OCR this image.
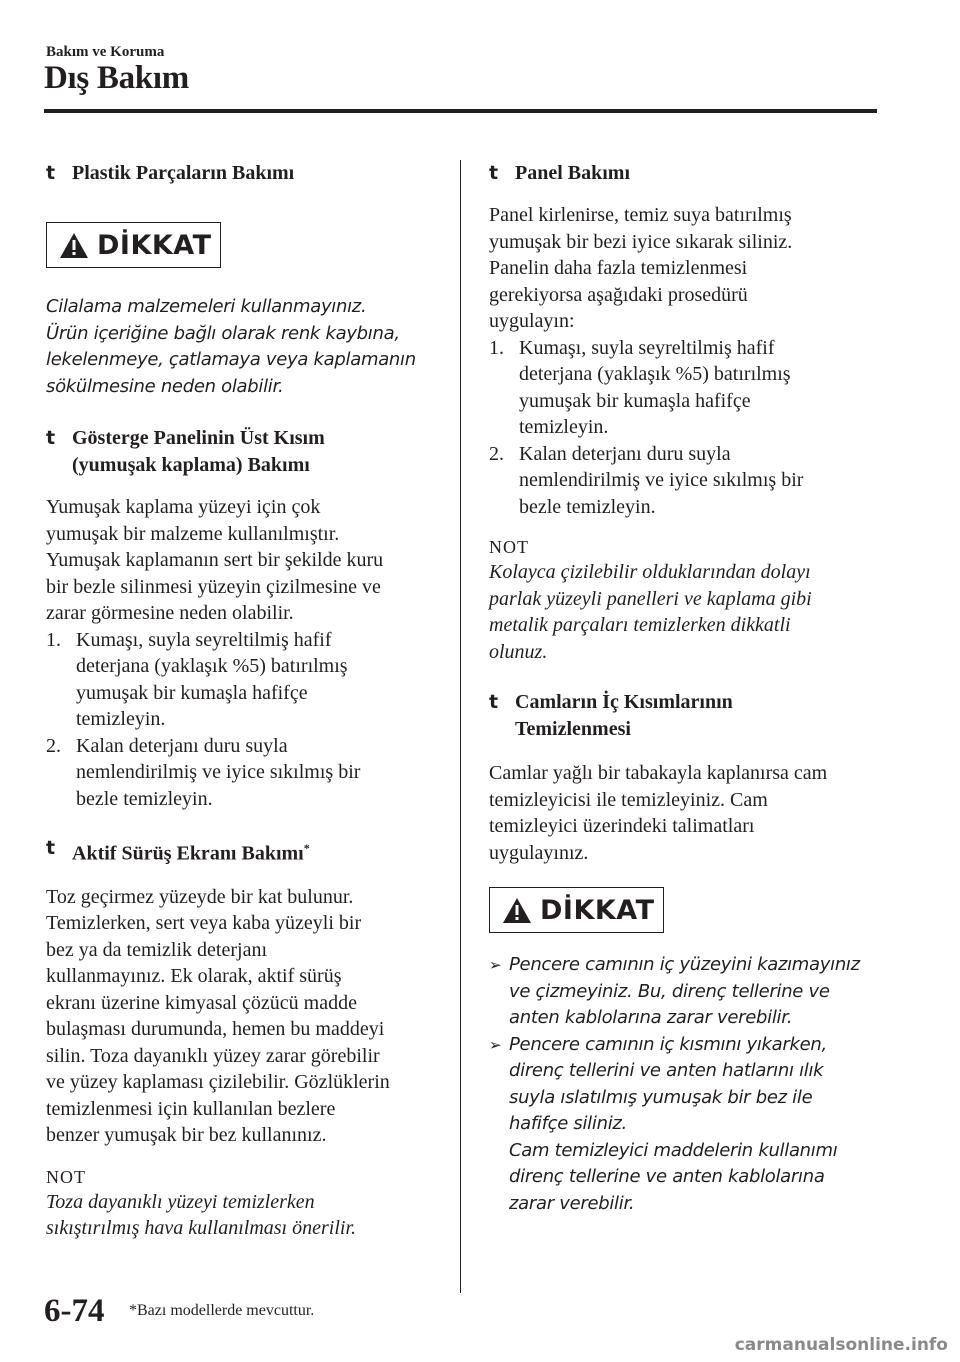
Bakım ve Koruma
Dış Bakım
t Plastik Parçaların Bakımı
DİKKAT
Cilalama malzemeleri kullanmayınız.
Ürün içeriğine bağlı olarak renk kaybına,
lekelenmeye, çatlamaya veya kaplamanın
sökülmesine neden olabilir.
t Gösterge Panelinin Üst Kısım
(yumuşak kaplama) Bakımı
Yumuşak kaplama yüzeyi için çok
yumuşak bir malzeme kullanılmıştır.
Yumuşak kaplamanın sert bir şekilde kuru
bir bezle silinmesi yüzeyin çizilmesine ve
zarar görmesine neden olabilir.
1. Kumaşı, suyla seyreltilmiş hafif
deterjana (yaklaşık %5) batırılmış
yumuşak bir kumaşla hafifçe
temizleyin.
2. Kalan deterjanı duru suyla
nemlendirilmiş ve iyice sıkılmış bir
bezle temizleyin.
t Aktif Sürüş Ekranı Bakımı*
Toz geçirmez yüzeyde bir kat bulunur.
Temizlerken, sert veya kaba yüzeyli bir
bez ya da temizlik deterjanı
kullanmayınız. Ek olarak, aktif sürüş
ekranı üzerine kimyasal çözücü madde
bulaşması durumunda, hemen bu maddeyi
silin. Toza dayanıklı yüzey zarar görebilir
ve yüzey kaplaması çizilebilir. Gözlüklerin
temizlenmesi için kullanılan bezlere
benzer yumuşak bir bez kullanınız.
NOT
Toza dayanıklı yüzeyi temizlerken
sıkıştırılmış hava kullanılması önerilir.
t Panel Bakımı
Panel kirlenirse, temiz suya batırılmış
yumuşak bir bezi iyice sıkarak siliniz.
Panelin daha fazla temizlenmesi
gerekiyorsa aşağıdaki prosedürü
uygulayın:
1. Kumaşı, suyla seyreltilmiş hafif
deterjana (yaklaşık %5) batırılmış
yumuşak bir kumaşla hafifçe
temizleyin.
2. Kalan deterjanı duru suyla
nemlendirilmiş ve iyice sıkılmış bir
bezle temizleyin.
NOT
Kolayca çizilebilir olduklarından dolayı
parlak yüzeyli panelleri ve kaplama gibi
metalik parçaları temizlerken dikkatli
olunuz.
t Camların İç Kısımlarının
Temizlenmesi
Camlar yağlı bir tabakayla kaplanırsa cam
temizleyicisi ile temizleyiniz. Cam
temizleyici üzerindeki talimatları
uygulayınız.
DİKKAT
➢ Pencere camının iç yüzeyini kazımayınız
ve çizmeyiniz. Bu, direnç tellerine ve
anten kablolarına zarar verebilir.
➢ Pencere camının iç kısmını yıkarken,
direnç tellerini ve anten hatlarını ılık
suyla ıslatılmış yumuşak bir bez ile
hafifçe siliniz.
Cam temizleyici maddelerin kullanımı
direnç tellerine ve anten kablolarına
zarar verebilir.
6-74 *Bazı modellerde mevcuttur.
carmanualsonline.info
